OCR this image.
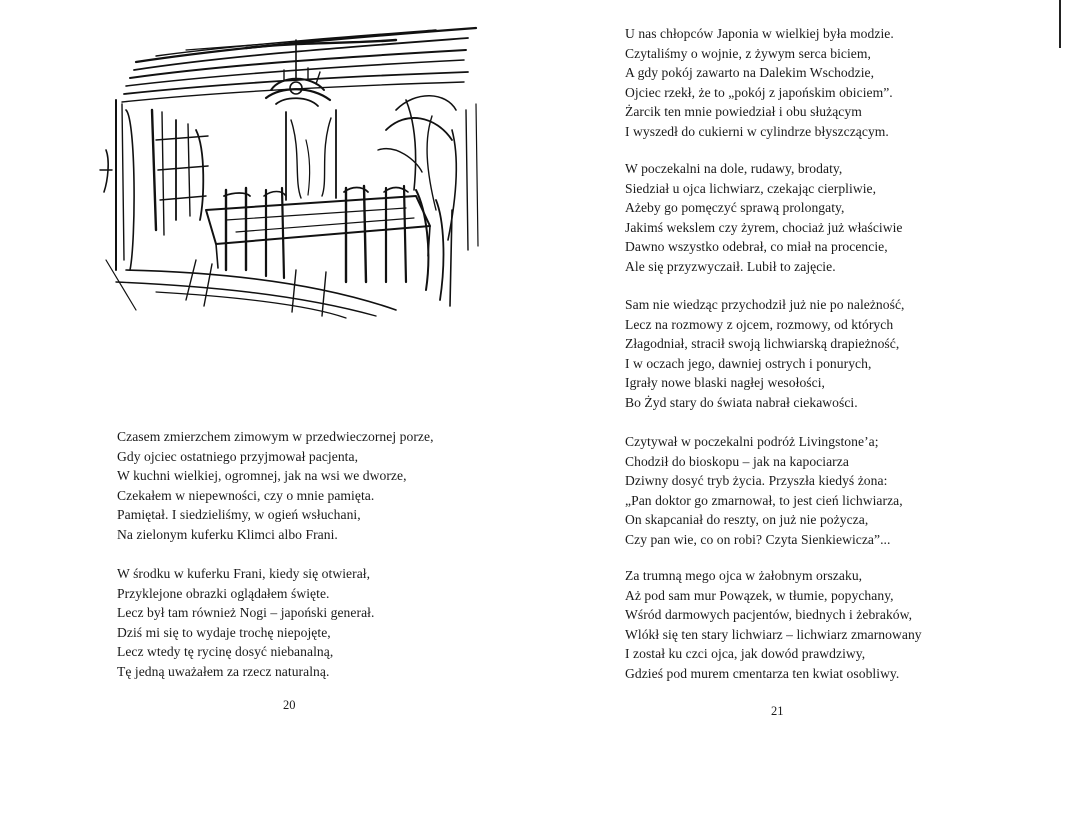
Czasem zmierzchem zimowym w przedwieczornej porze,
Gdy ojciec ostatniego przyjmował pacjenta,
W kuchni wielkiej, ogromnej, jak na wsi we dworze,
Czekałem w niepewności, czy o mnie pamięta.
Pamiętał. I siedzieliśmy, w ogień wsłuchani,
Na zielonym kuferku Klimci albo Frani.
W środku w kuferku Frani, kiedy się otwierał,
Przyklejone obrazki oglądałem święte.
Lecz był tam również Nogi – japoński generał.
Dziś mi się to wydaje trochę niepojęte,
Lecz wtedy tę rycinę dosyć niebanalną,
Tę jedną uważałem za rzecz naturalną.
20
U nas chłopców Japonia w wielkiej była modzie.
Czytaliśmy o wojnie, z żywym serca biciem,
A gdy pokój zawarto na Dalekim Wschodzie,
Ojciec rzekł, że to „pokój z japońskim obiciem”.
Żarcik ten mnie powiedział i obu służącym
I wyszedł do cukierni w cylindrze błyszczącym.
W poczekalni na dole, rudawy, brodaty,
Siedział u ojca lichwiarz, czekając cierpliwie,
Ażeby go pomęczyć sprawą prolongaty,
Jakimś wekslem czy żyrem, chociaż już właściwie
Dawno wszystko odebrał, co miał na procencie,
Ale się przyzwyczaił. Lubił to zajęcie.
Sam nie wiedząc przychodził już nie po należność,
Lecz na rozmowy z ojcem, rozmowy, od których
Złagodniał, stracił swoją lichwiarską drapieżność,
I w oczach jego, dawniej ostrych i ponurych,
Igrały nowe blaski nagłej wesołości,
Bo Żyd stary do świata nabrał ciekawości.
Czytywał w poczekalni podróż Livingstone’a;
Chodził do bioskopu – jak na kapociarza
Dziwny dosyć tryb życia. Przyszła kiedyś żona:
„Pan doktor go zmarnował, to jest cień lichwiarza,
On skapcaniał do reszty, on już nie pożycza,
Czy pan wie, co on robi? Czyta Sienkiewicza”...
Za trumną mego ojca w żałobnym orszaku,
Aż pod sam mur Powązek, w tłumie, popychany,
Wśród darmowych pacjentów, biednych i żebraków,
Wlókł się ten stary lichwiarz – lichwiarz zmarnowany
I został ku czci ojca, jak dowód prawdziwy,
Gdzieś pod murem cmentarza ten kwiat osobliwy.
21
